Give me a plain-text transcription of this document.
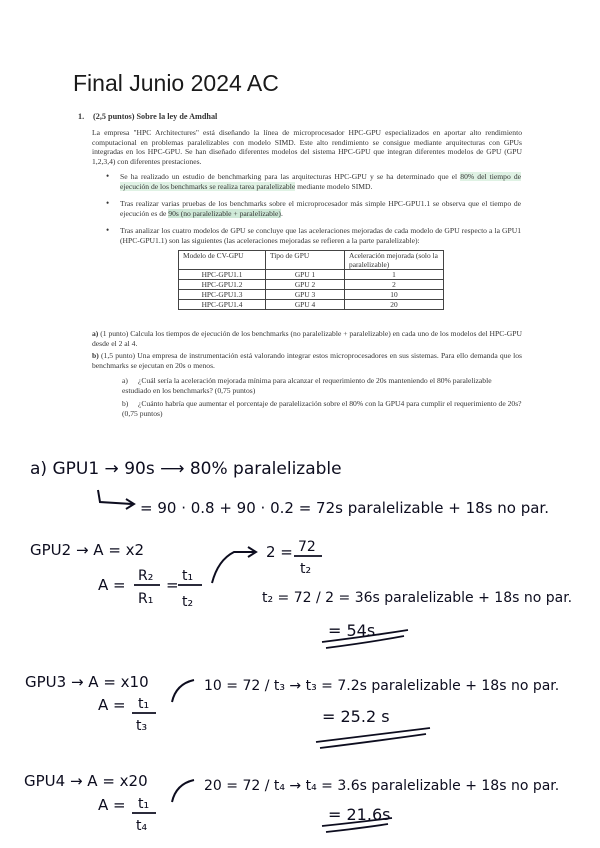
Final Junio 2024 AC
1. (2,5 puntos) Sobre la ley de Amdhal
La empresa "HPC Architectures" está diseñando la línea de microprocesador HPC-GPU especializados en aportar alto rendimiento computacional en problemas paralelizables con modelo SIMD. Este alto rendimiento se consigue mediante arquitecturas con GPUs integradas en los HPC-GPU. Se han diseñado diferentes modelos del sistema HPC-GPU que integran diferentes modelos de GPU (GPU 1,2,3,4) con diferentes prestaciones.
• Se ha realizado un estudio de benchmarking para las arquitecturas HPC-GPU y se ha determinado que el 80% del tiempo de ejecución de los benchmarks se realiza tarea paralelizable mediante modelo SIMD.
• Tras realizar varias pruebas de los benchmarks sobre el microprocesador más simple HPC-GPU1.1 se observa que el tiempo de ejecución es de 90s (no paralelizable + paralelizable).
• Tras analizar los cuatro modelos de GPU se concluye que las aceleraciones mejoradas de cada modelo de GPU respecto a la GPU1 (HPC-GPU1.1) son las siguientes (las aceleraciones mejoradas se refieren a la parte paralelizable):
Modelo de CV-GPU	Tipo de GPU	Aceleración mejorada (solo la paralelizable)
HPC-GPU1.1	GPU 1	1
HPC-GPU1.2	GPU 2	2
HPC-GPU1.3	GPU 3	10
HPC-GPU1.4	GPU 4	20
a) (1 punto) Calcula los tiempos de ejecución de los benchmarks (no paralelizable + paralelizable) en cada uno de los modelos del HPC-GPU desde el 2 al 4.
b) (1,5 punto) Una empresa de instrumentación está valorando integrar estos microprocesadores en sus sistemas. Para ello demanda que los benchmarks se ejecutan en 20s o menos.
a) ¿Cuál sería la aceleración mejorada mínima para alcanzar el requerimiento de 20s manteniendo el 80% paralelizable estudiado en los benchmarks? (0,75 puntos)
b) ¿Cuánto habría que aumentar el porcentaje de paralelización sobre el 80% con la GPU4 para cumplir el requerimiento de 20s? (0,75 puntos)
a) GPU1 → 90s ⟶ 80% paralelizable
= 90 · 0.8 + 90 · 0.2 = 72s paralelizable + 18s no par.
GPU2 → A = x2
A = R₂
R₁
= t₁
t₂
2 = 72
t₂
t₂ = 72 / 2 = 36s paralelizable + 18s no par.
= 54s
GPU3 → A = x10
A = t₁
t₃
10 = 72 / t₃ → t₃ = 7.2s paralelizable + 18s no par.
= 25.2 s
GPU4 → A = x20
A = t₁
t₄
20 = 72 / t₄ → t₄ = 3.6s paralelizable + 18s no par.
= 21.6s
